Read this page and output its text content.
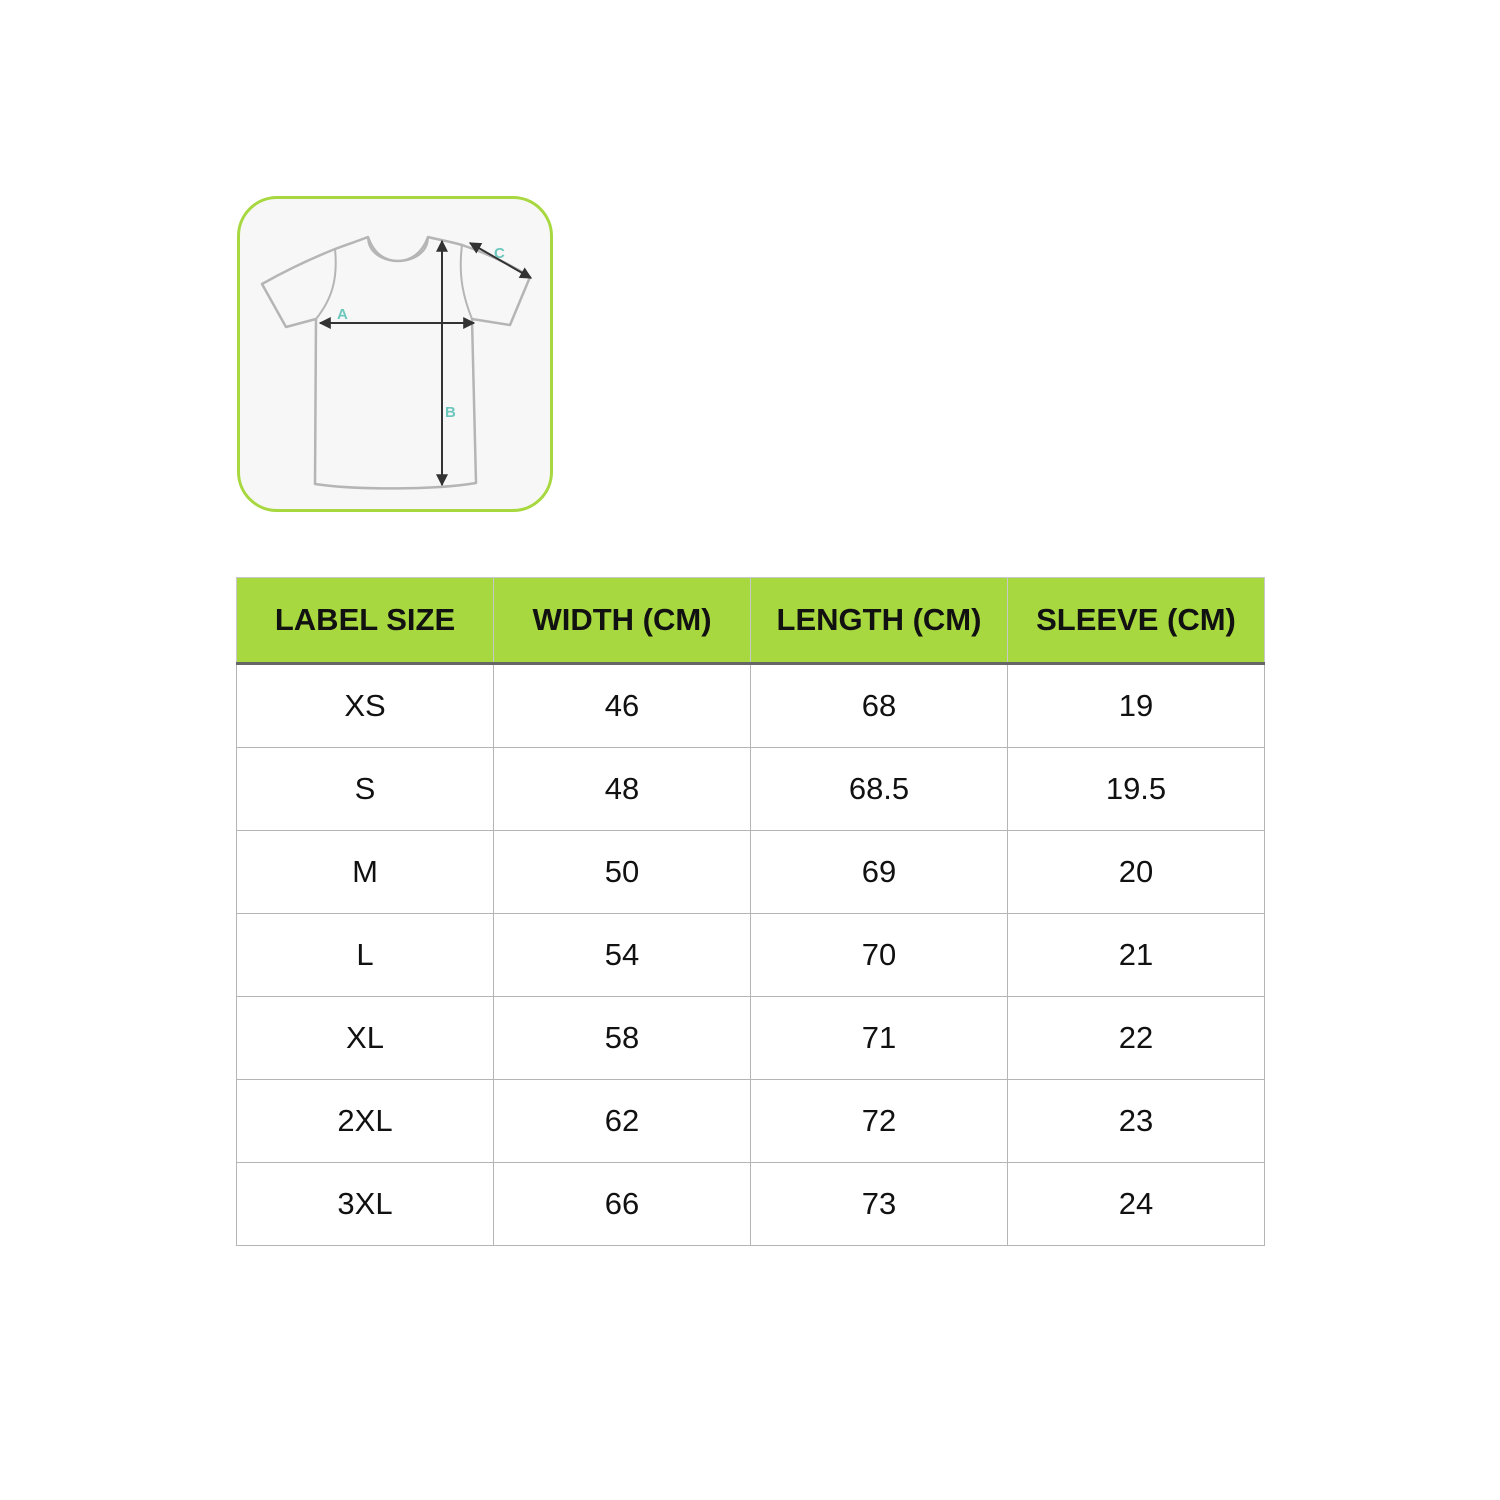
A
B
C
LABEL SIZE	WIDTH (CM)	LENGTH (CM)	SLEEVE (CM)
XS	46	68	19
S	48	68.5	19.5
M	50	69	20
L	54	70	21
XL	58	71	22
2XL	62	72	23
3XL	66	73	24
